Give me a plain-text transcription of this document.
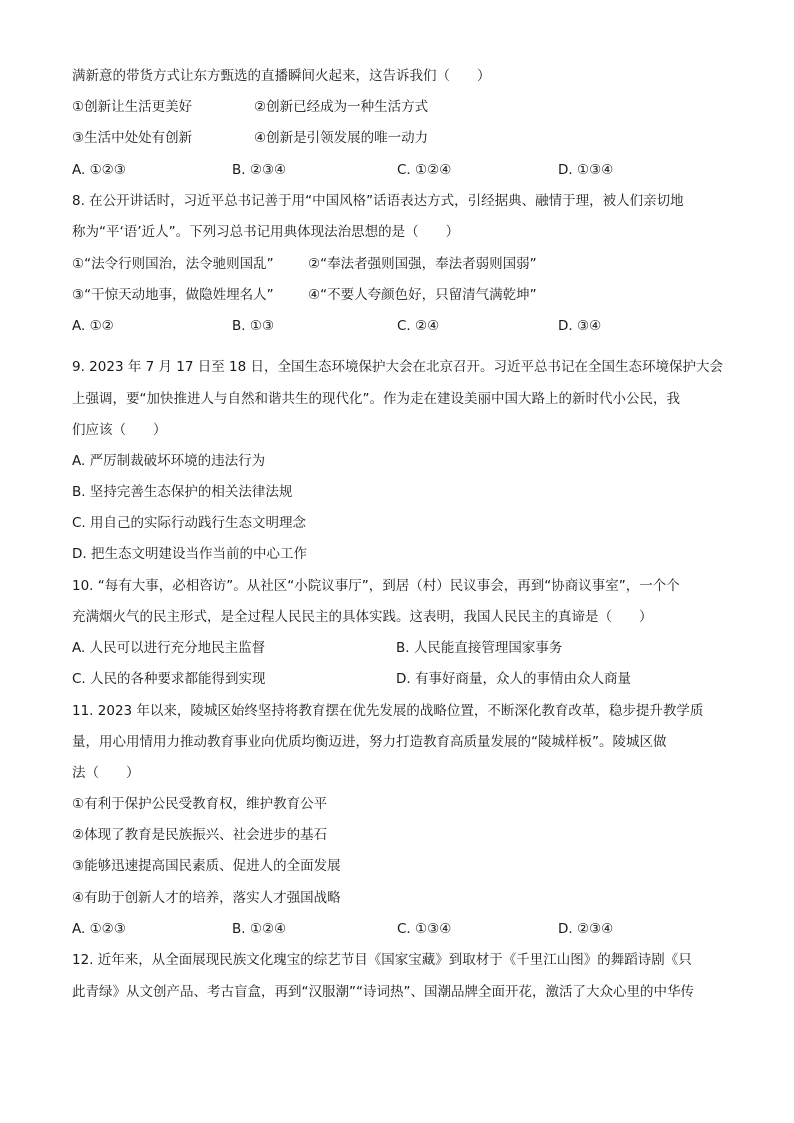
满新意的带货方式让东方甄选的直播瞬间火起来，这告诉我们（　　）
①创新让生活更美好	②创新已经成为一种生活方式
③生活中处处有创新	④创新是引领发展的唯一动力
A. ①②③	B. ②③④	C. ①②④	D. ①③④
8. 在公开讲话时，习近平总书记善于用“中国风格”话语表达方式，引经据典、融情于理，被人们亲切地
称为“平‘语’近人”。下列习总书记用典体现法治思想的是（　　）
①“法令行则国治，法令驰则国乱”	②“奉法者强则国强，奉法者弱则国弱”
③“干惊天动地事，做隐姓埋名人”	④“不要人夸颜色好，只留清气满乾坤”
A. ①②	B. ①③	C. ②④	D. ③④
9. 2023 年 7 月 17 日至 18 日，全国生态环境保护大会在北京召开。习近平总书记在全国生态环境保护大会
上强调，要“加快推进人与自然和谐共生的现代化”。作为走在建设美丽中国大路上的新时代小公民，我
们应该（　　）
A. 严厉制裁破坏环境的违法行为
B. 坚持完善生态保护的相关法律法规
C. 用自己的实际行动践行生态文明理念
D. 把生态文明建设当作当前的中心工作
10. “每有大事，必相咨访”。从社区“小院议事厅”，到居（村）民议事会，再到“协商议事室”，一个个
充满烟火气的民主形式，是全过程人民民主的具体实践。这表明，我国人民民主的真谛是（　　）
A. 人民可以进行充分地民主监督	B. 人民能直接管理国家事务
C. 人民的各种要求都能得到实现	D. 有事好商量，众人的事情由众人商量
11. 2023 年以来，陵城区始终坚持将教育摆在优先发展的战略位置，不断深化教育改革，稳步提升教学质
量，用心用情用力推动教育事业向优质均衡迈进，努力打造教育高质量发展的“陵城样板”。陵城区做
法（　　）
①有利于保护公民受教育权，维护教育公平
②体现了教育是民族振兴、社会进步的基石
③能够迅速提高国民素质、促进人的全面发展
④有助于创新人才的培养，落实人才强国战略
A. ①②③	B. ①②④	C. ①③④	D. ②③④
12. 近年来，从全面展现民族文化瑰宝的综艺节目《国家宝藏》到取材于《千里江山图》的舞蹈诗剧《只
此青绿》从文创产品、考古盲盒，再到“汉服潮”“诗词热”、国潮品牌全面开花，激活了大众心里的中华传
